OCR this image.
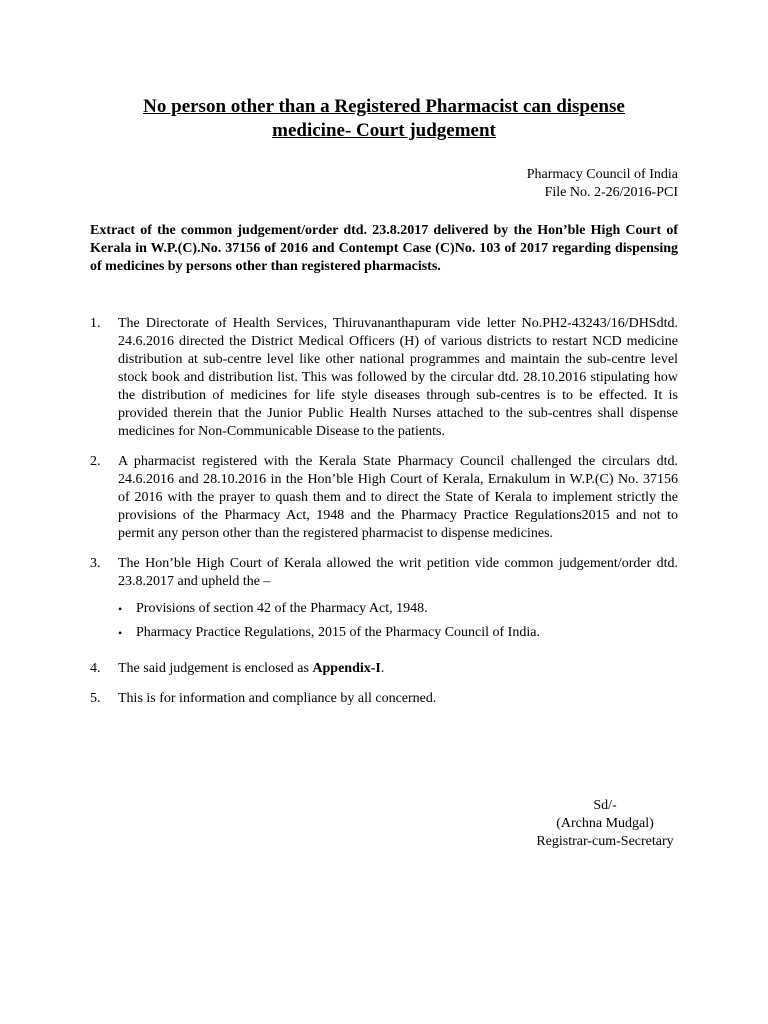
No person other than a Registered Pharmacist can dispense
medicine- Court judgement
Pharmacy Council of India
File No. 2-26/2016-PCI
Extract of the common judgement/order dtd. 23.8.2017 delivered by the Hon’ble High Court of Kerala in W.P.(C).No. 37156 of 2016 and Contempt Case (C)No. 103 of 2017 regarding dispensing of medicines by persons other than registered pharmacists.
1.	The Directorate of Health Services, Thiruvananthapuram vide letter No.PH2-43243/16/DHSdtd. 24.6.2016 directed the District Medical Officers (H) of various districts to restart NCD medicine distribution at sub-centre level like other national programmes and maintain the sub-centre level stock book and distribution list. This was followed by the circular dtd. 28.10.2016 stipulating how the distribution of medicines for life style diseases through sub-centres is to be effected. It is provided therein that the Junior Public Health Nurses attached to the sub-centres shall dispense medicines for Non-Communicable Disease to the patients.
2.	A pharmacist registered with the Kerala State Pharmacy Council challenged the circulars dtd. 24.6.2016 and 28.10.2016 in the Hon’ble High Court of Kerala, Ernakulum in W.P.(C) No. 37156 of 2016 with the prayer to quash them and to direct the State of Kerala to implement strictly the provisions of the Pharmacy Act, 1948 and the Pharmacy Practice Regulations2015 and not to permit any person other than the registered pharmacist to dispense medicines.
3.	The Hon’ble High Court of Kerala allowed the writ petition vide common judgement/order dtd. 23.8.2017 and upheld the –
• Provisions of section 42 of the Pharmacy Act, 1948.
• Pharmacy Practice Regulations, 2015 of the Pharmacy Council of India.
4.	The said judgement is enclosed as Appendix-I.
5.	This is for information and compliance by all concerned.
Sd/-
(Archna Mudgal)
Registrar-cum-Secretary
